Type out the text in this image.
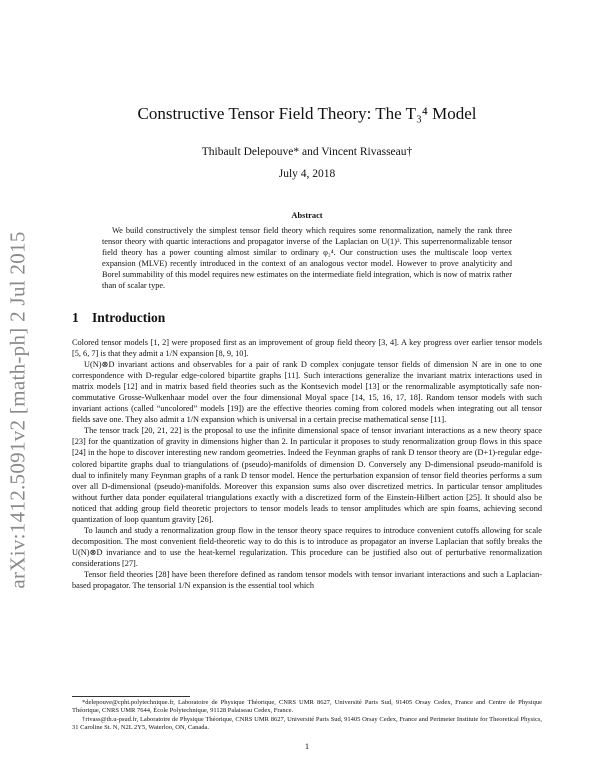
arXiv:1412.5091v2 [math-ph] 2 Jul 2015
Constructive Tensor Field Theory: The T₃⁴ Model
Thibault Delepouve* and Vincent Rivasseau†
July 4, 2018
Abstract
We build constructively the simplest tensor field theory which requires some renormalization, namely the rank three tensor theory with quartic interactions and propagator inverse of the Laplacian on U(1)³. This superrenormalizable tensor field theory has a power counting almost similar to ordinary φ₂⁴. Our construction uses the multiscale loop vertex expansion (MLVE) recently introduced in the context of an analogous vector model. However to prove analyticity and Borel summability of this model requires new estimates on the intermediate field integration, which is now of matrix rather than of scalar type.
1 Introduction

Colored tensor models [1, 2] were proposed first as an improvement of group field theory [3, 4]. A key progress over earlier tensor models [5, 6, 7] is that they admit a 1/N expansion [8, 9, 10].

U(N)⊗D invariant actions and observables for a pair of rank D complex conjugate tensor fields of dimension N are in one to one correspondence with D-regular edge-colored bipartite graphs [11]. Such interactions generalize the invariant matrix interactions used in matrix models [12] and in matrix based field theories such as the Kontsevich model [13] or the renormalizable asymptotically safe non-commutative Grosse-Wulkenhaar model over the four dimensional Moyal space [14, 15, 16, 17, 18]. Random tensor models with such invariant actions (called “uncolored” models [19]) are the effective theories coming from colored models when integrating out all tensor fields save one. They also admit a 1/N expansion which is universal in a certain precise mathematical sense [11].

The tensor track [20, 21, 22] is the proposal to use the infinite dimensional space of tensor invariant interactions as a new theory space [23] for the quantization of gravity in dimensions higher than 2. In particular it proposes to study renormalization group flows in this space [24] in the hope to discover interesting new random geometries. Indeed the Feynman graphs of rank D tensor theory are (D+1)-regular edge-colored bipartite graphs dual to triangulations of (pseudo)-manifolds of dimension D. Conversely any D-dimensional pseudo-manifold is dual to infinitely many Feynman graphs of a rank D tensor model. Hence the perturbation expansion of tensor field theories performs a sum over all D-dimensional (pseudo)-manifolds. Moreover this expansion sums also over discretized metrics. In particular tensor amplitudes without further data ponder equilateral triangulations exactly with a discretized form of the Einstein-Hilbert action [25]. It should also be noticed that adding group field theoretic projectors to tensor models leads to tensor amplitudes which are spin foams, achieving second quantization of loop quantum gravity [26].

To launch and study a renormalization group flow in the tensor theory space requires to introduce convenient cutoffs allowing for scale decomposition. The most convenient field-theoretic way to do this is to introduce as propagator an inverse Laplacian that softly breaks the U(N)⊗D invariance and to use the heat-kernel regularization. This procedure can be justified also out of perturbative renormalization considerations [27].

Tensor field theories [28] have been therefore defined as random tensor models with tensor invariant interactions and such a Laplacian-based propagator. The tensorial 1/N expansion is the essential tool which

*delepouve@cpht.polytechnique.fr, Laboratoire de Physique Théorique, CNRS UMR 8627, Université Paris Sud, 91405 Orsay Cedex, France and Centre de Physique Théorique, CNRS UMR 7644, École Polytechnique, 91128 Palaiseau Cedex, France.

†rivass@th.u-psud.fr, Laboratoire de Physique Théorique, CNRS UMR 8627, Université Paris Sud, 91405 Orsay Cedex, France and Perimeter Institute for Theoretical Physics, 31 Caroline St. N, N2L 2Y5, Waterloo, ON, Canada.

1
